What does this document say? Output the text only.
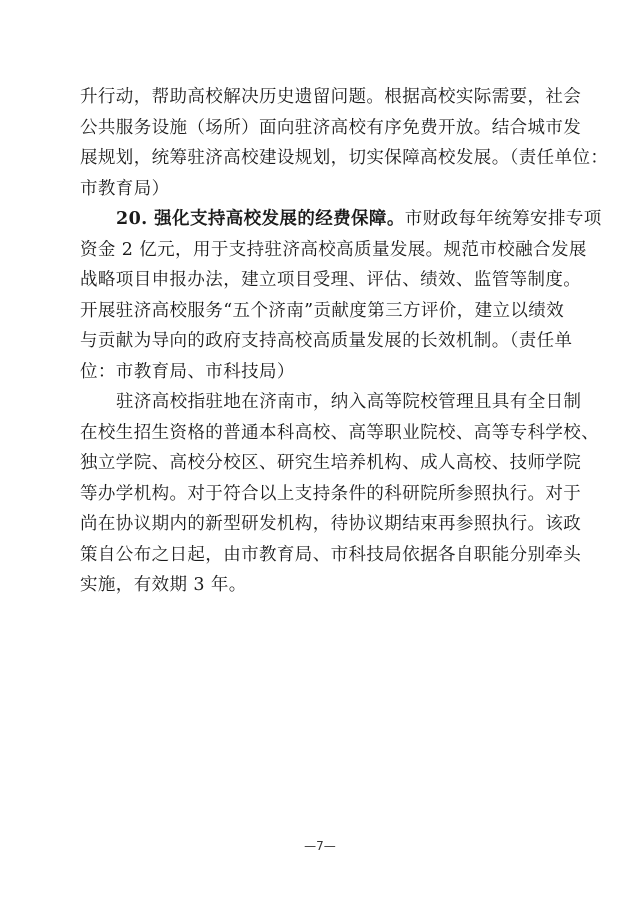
升行动，帮助高校解决历史遗留问题。根据高校实际需要，社会
公共服务设施（场所）面向驻济高校有序免费开放。结合城市发
展规划，统筹驻济高校建设规划，切实保障高校发展。（责任单位：
市教育局）
20. 强化支持高校发展的经费保障。市财政每年统筹安排专项
资金 2 亿元，用于支持驻济高校高质量发展。规范市校融合发展
战略项目申报办法，建立项目受理、评估、绩效、监管等制度。
开展驻济高校服务“五个济南”贡献度第三方评价，建立以绩效
与贡献为导向的政府支持高校高质量发展的长效机制。（责任单
位：市教育局、市科技局）
驻济高校指驻地在济南市，纳入高等院校管理且具有全日制
在校生招生资格的普通本科高校、高等职业院校、高等专科学校、
独立学院、高校分校区、研究生培养机构、成人高校、技师学院
等办学机构。对于符合以上支持条件的科研院所参照执行。对于
尚在协议期内的新型研发机构，待协议期结束再参照执行。该政
策自公布之日起，由市教育局、市科技局依据各自职能分别牵头
实施，有效期 3 年。
—7—
